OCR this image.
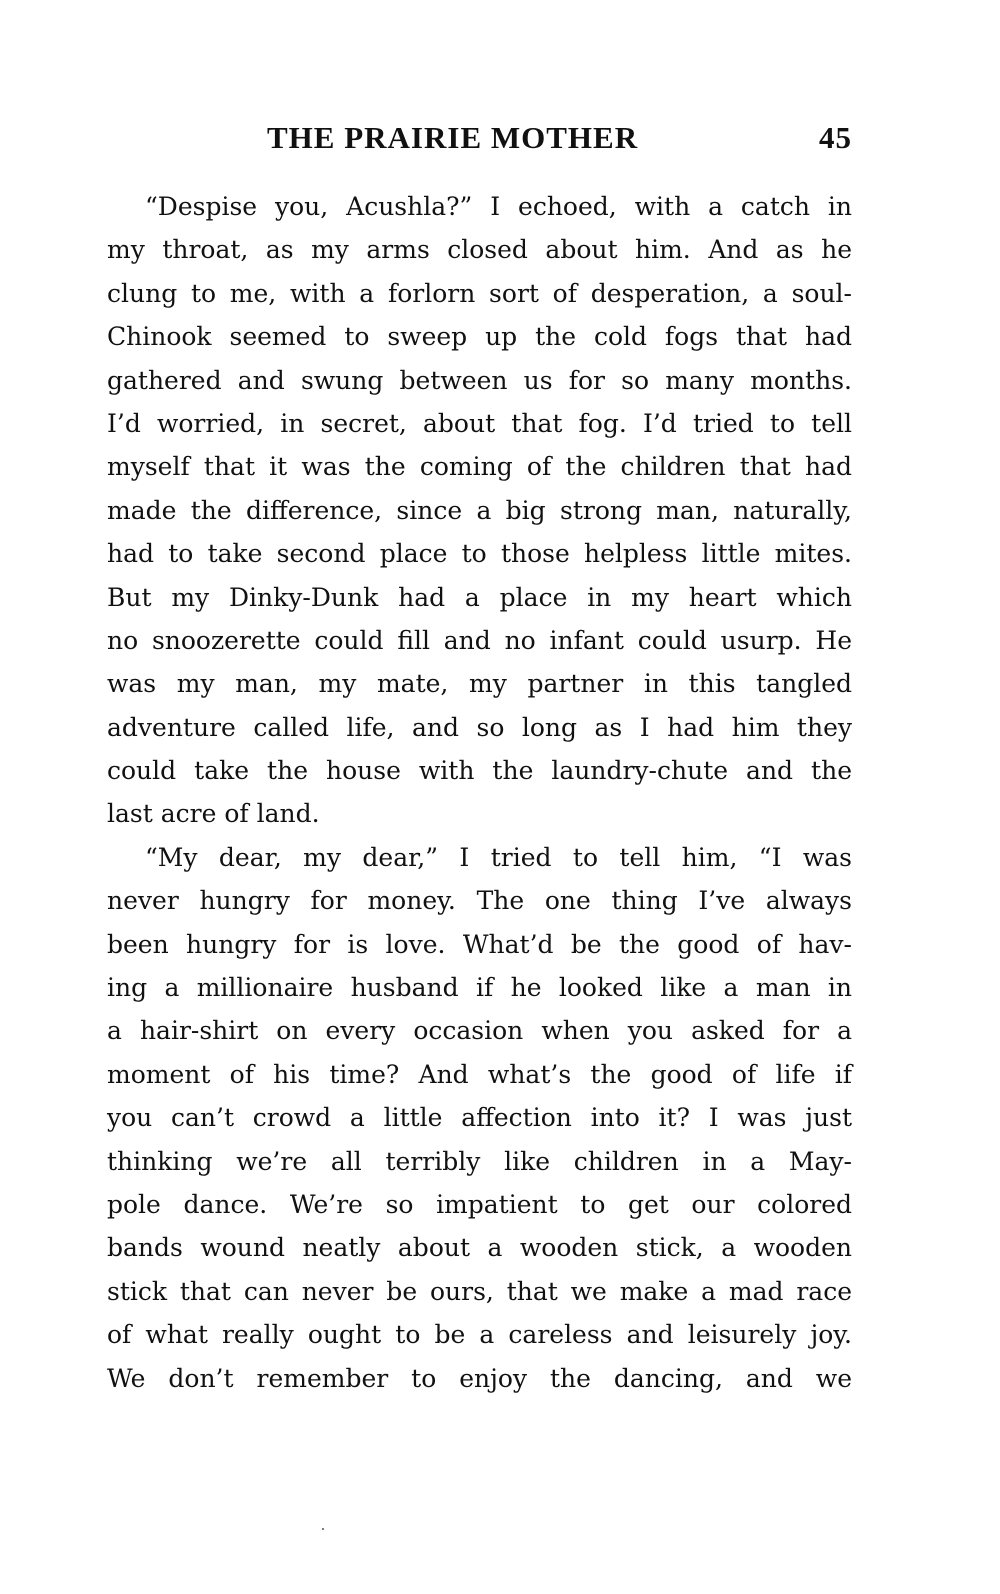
THE PRAIRIE MOTHER	45
“Despise you, Acushla?” I echoed, with a catch in
my throat, as my arms closed about him. And as he
clung to me, with a forlorn sort of desperation, a soul-
Chinook seemed to sweep up the cold fogs that had
gathered and swung between us for so many months.
I’d worried, in secret, about that fog. I’d tried to tell
myself that it was the coming of the children that had
made the difference, since a big strong man, naturally,
had to take second place to those helpless little mites.
But my Dinky-Dunk had a place in my heart which
no snoozerette could fill and no infant could usurp. He
was my man, my mate, my partner in this tangled
adventure called life, and so long as I had him they
could take the house with the laundry-chute and the
last acre of land.
“My dear, my dear,” I tried to tell him, “I was
never hungry for money. The one thing I’ve always
been hungry for is love. What’d be the good of hav-
ing a millionaire husband if he looked like a man in
a hair-shirt on every occasion when you asked for a
moment of his time? And what’s the good of life if
you can’t crowd a little affection into it? I was just
thinking we’re all terribly like children in a May-
pole dance. We’re so impatient to get our colored
bands wound neatly about a wooden stick, a wooden
stick that can never be ours, that we make a mad race
of what really ought to be a careless and leisurely joy.
We don’t remember to enjoy the dancing, and we
